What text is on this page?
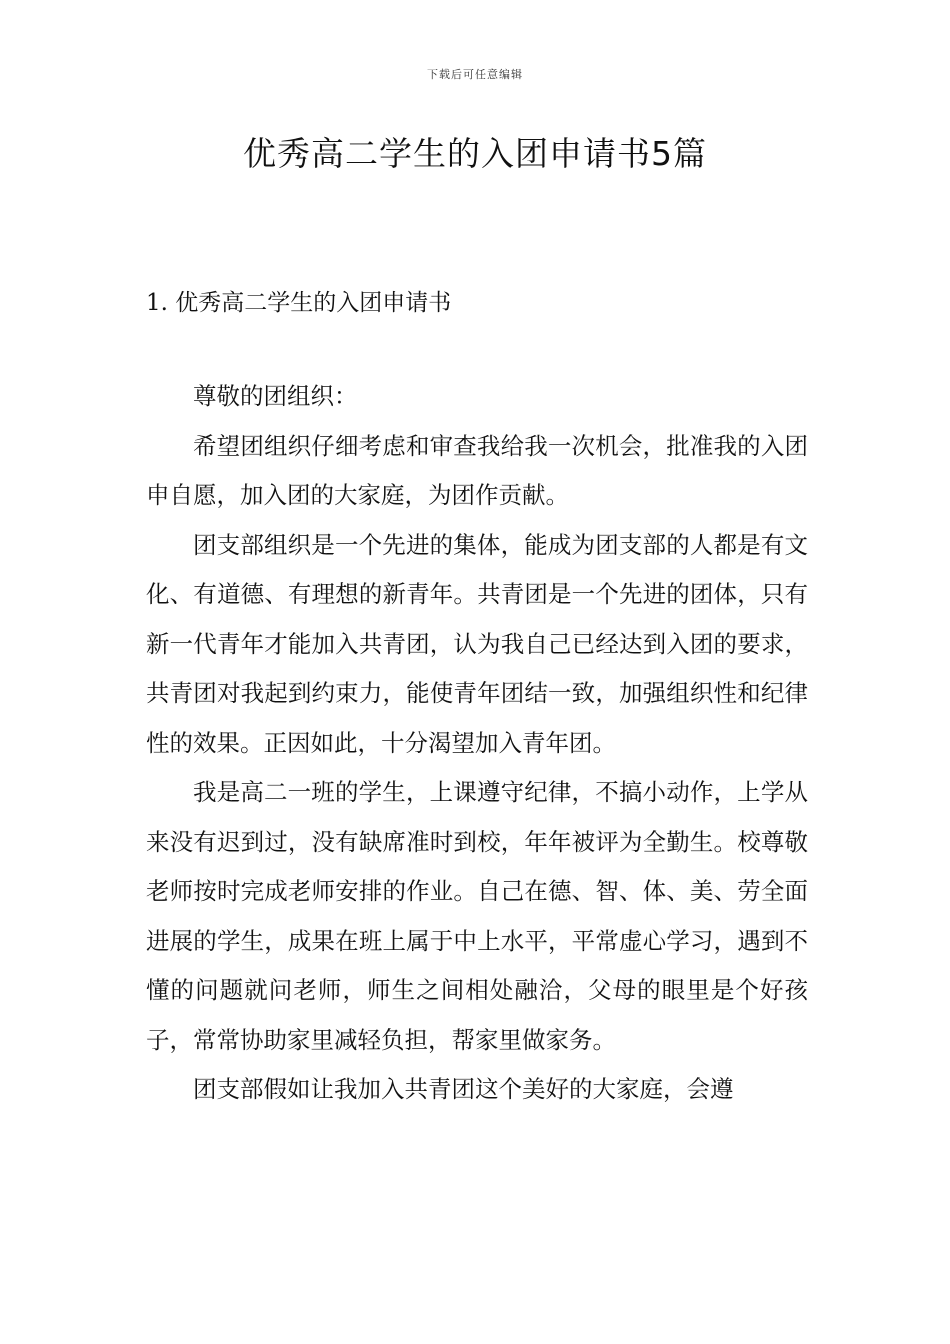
下载后可任意编辑
优秀高二学生的入团申请书5篇
1. 优秀高二学生的入团申请书

尊敬的团组织：

希望团组织仔细考虑和审查我给我一次机会，批准我的入团申自愿，加入团的大家庭，为团作贡献。

团支部组织是一个先进的集体，能成为团支部的人都是有文化、有道德、有理想的新青年。共青团是一个先进的团体，只有新一代青年才能加入共青团，认为我自己已经达到入团的要求，共青团对我起到约束力，能使青年团结一致，加强组织性和纪律性的效果。正因如此，十分渴望加入青年团。

我是高二一班的学生，上课遵守纪律，不搞小动作，上学从来没有迟到过，没有缺席准时到校，年年被评为全勤生。校尊敬老师按时完成老师安排的作业。自己在德、智、体、美、劳全面进展的学生，成果在班上属于中上水平，平常虚心学习，遇到不懂的问题就问老师，师生之间相处融洽，父母的眼里是个好孩子，常常协助家里减轻负担，帮家里做家务。

团支部假如让我加入共青团这个美好的大家庭，会遵
